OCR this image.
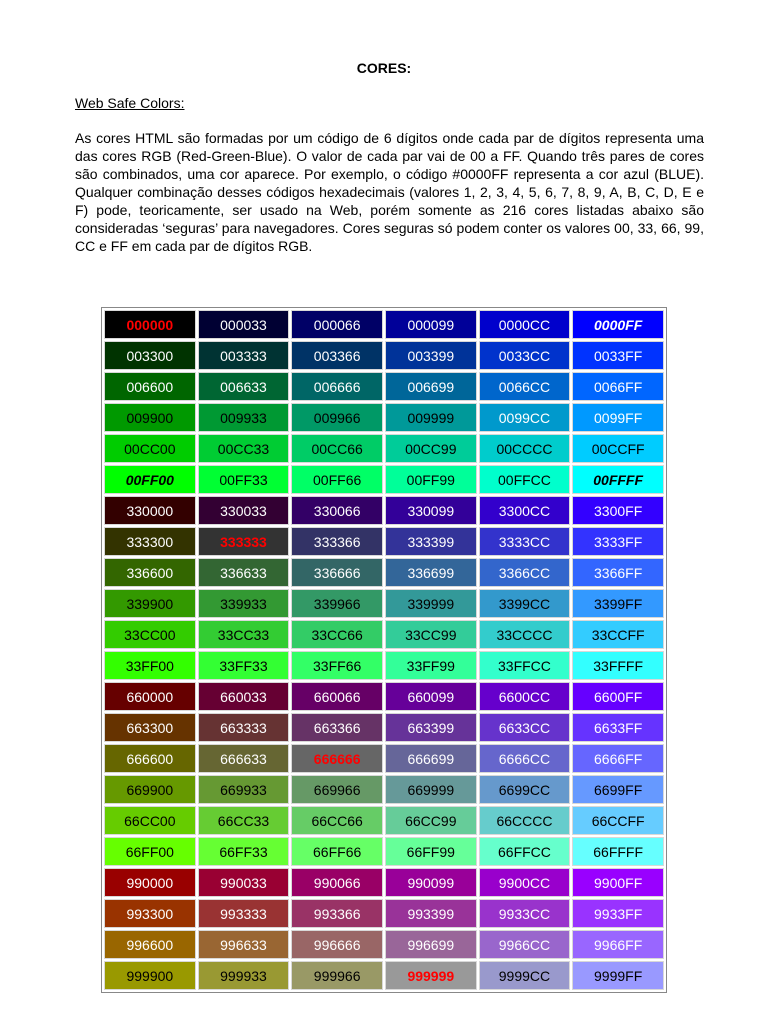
CORES:

Web Safe Colors:

As cores HTML são formadas por um código de 6 dígitos onde cada par de dígitos representa uma das cores RGB (Red-Green-Blue). O valor de cada par vai de 00 a FF. Quando três pares de cores são combinados, uma cor aparece. Por exemplo, o código #0000FF representa a cor azul (BLUE). Qualquer combinação desses códigos hexadecimais (valores 1, 2, 3, 4, 5, 6, 7, 8, 9, A, B, C, D, E e F) pode, teoricamente, ser usado na Web, porém somente as 216 cores listadas abaixo são consideradas ‘seguras’ para navegadores. Cores seguras só podem conter os valores 00, 33, 66, 99, CC e FF em cada par de dígitos RGB.

000000	000033	000066	000099	0000CC	0000FF
003300	003333	003366	003399	0033CC	0033FF
006600	006633	006666	006699	0066CC	0066FF
009900	009933	009966	009999	0099CC	0099FF
00CC00	00CC33	00CC66	00CC99	00CCCC	00CCFF
00FF00	00FF33	00FF66	00FF99	00FFCC	00FFFF
330000	330033	330066	330099	3300CC	3300FF
333300	333333	333366	333399	3333CC	3333FF
336600	336633	336666	336699	3366CC	3366FF
339900	339933	339966	339999	3399CC	3399FF
33CC00	33CC33	33CC66	33CC99	33CCCC	33CCFF
33FF00	33FF33	33FF66	33FF99	33FFCC	33FFFF
660000	660033	660066	660099	6600CC	6600FF
663300	663333	663366	663399	6633CC	6633FF
666600	666633	666666	666699	6666CC	6666FF
669900	669933	669966	669999	6699CC	6699FF
66CC00	66CC33	66CC66	66CC99	66CCCC	66CCFF
66FF00	66FF33	66FF66	66FF99	66FFCC	66FFFF
990000	990033	990066	990099	9900CC	9900FF
993300	993333	993366	993399	9933CC	9933FF
996600	996633	996666	996699	9966CC	9966FF
999900	999933	999966	999999	9999CC	9999FF
